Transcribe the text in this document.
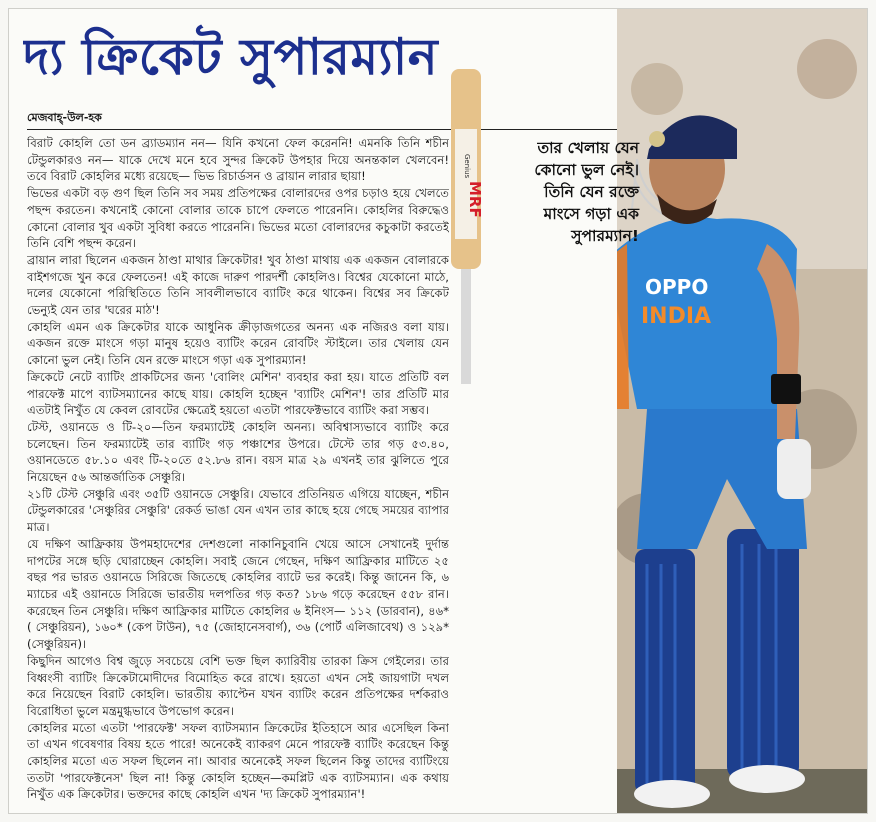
দ্য ক্রিকেট সুপারম্যান
মেজবাহ্-উল-হক

বিরাট কোহলি তো ডন ব্র্যাডম্যান নন— যিনি কখনো ফেল করেননি! এমনকি তিনি শচীন টেন্ডুলকারও নন— যাকে দেখে মনে হবে সুন্দর ক্রিকেট উপহার দিয়ে অনন্তকাল খেলবেন! তবে বিরাট কোহলির মধ্যে রয়েছে— ভিভ রিচার্ডসন ও ব্রায়ান লারার ছায়া!

ভিভের একটা বড় গুণ ছিল তিনি সব সময় প্রতিপক্ষের বোলারদের ওপর চড়াও হয়ে খেলতে পছন্দ করতেন। কখনোই কোনো বোলার তাকে চাপে ফেলতে পারেননি। কোহলির বিরুদ্ধেও কোনো বোলার খুব একটা সুবিধা করতে পারেননি। ভিভের মতো বোলারদের কচুকাটা করতেই তিনি বেশি পছন্দ করেন।

ব্রায়ান লারা ছিলেন একজন ঠাণ্ডা মাথার ক্রিকেটার! খুব ঠাণ্ডা মাথায় এক একজন বোলারকে বাইশগজে খুন করে ফেলতেন! এই কাজে দারুণ পারদর্শী কোহলিও। বিশ্বের যেকোনো মাঠে, দলের যেকোনো পরিস্থিতিতে তিনি সাবলীলভাবে ব্যাটিং করে থাকেন। বিশ্বের সব ক্রিকেট ভেন্যুই যেন তার 'ঘরের মাঠ'!

কোহলি এমন এক ক্রিকেটার যাকে আধুনিক ক্রীড়াজগতের অনন্য এক নজিরও বলা যায়। একজন রক্তে মাংসে গড়া মানুষ হয়েও ব্যাটিং করেন রোবটিং স্টাইলে। তার খেলায় যেন কোনো ভুল নেই। তিনি যেন রক্তে মাংসে গড়া এক সুপারম্যান!

ক্রিকেটে নেটে ব্যাটিং প্রাকটিসের জন্য 'বোলিং মেশিন' ব্যবহার করা হয়। যাতে প্রতিটি বল পারফেক্ট মাপে ব্যাটসম্যানের কাছে যায়। কোহলি হচ্ছেন 'ব্যাটিং মেশিন'! তার প্রতিটি মার এতটাই নিখুঁত যে কেবল রোবটের ক্ষেত্রেই হয়তো এতটা পারফেক্টভাবে ব্যাটিং করা সম্ভব।

টেস্ট, ওয়ানডে ও টি-২০—তিন ফরম্যাটেই কোহলি অনন্য। অবিশ্বাস্যভাবে ব্যাটিং করে চলেছেন। তিন ফরম্যাটেই তার ব্যাটিং গড় পঞ্চাশের উপরে। টেস্টে তার গড় ৫৩.৪০, ওয়ানডেতে ৫৮.১০ এবং টি-২০তে ৫২.৮৬ রান। বয়স মাত্র ২৯ এখনই তার ঝুলিতে পুরে নিয়েছেন ৫৬ আন্তর্জাতিক সেঞ্চুরি।

২১টি টেস্ট সেঞ্চুরি এবং ৩৫টি ওয়ানডে সেঞ্চুরি। যেভাবে প্রতিনিয়ত এগিয়ে যাচ্ছেন, শচীন টেন্ডুলকারের 'সেঞ্চুরির সেঞ্চুরি' রেকর্ড ভাঙা যেন এখন তার কাছে হয়ে গেছে সময়ের ব্যাপার মাত্র।

যে দক্ষিণ আফ্রিকায় উপমহাদেশের দেশগুলো নাকানিচুবানি খেয়ে আসে সেখানেই দুর্দান্ত দাপটের সঙ্গে ছড়ি ঘোরাচ্ছেন কোহলি। সবাই জেনে গেছেন, দক্ষিণ আফ্রিকার মাটিতে ২৫ বছর পর ভারত ওয়ানডে সিরিজে জিতেছে কোহলির ব্যাটে ভর করেই। কিন্তু জানেন কি, ৬ ম্যাচের এই ওয়ানডে সিরিজে ভারতীয় দলপতির গড় কত? ১৮৬ গড়ে করেছেন ৫৫৮ রান। করেছেন তিন সেঞ্চুরি। দক্ষিণ আফ্রিকার মাটিতে কোহলির ৬ ইনিংস— ১১২ (ডারবান), ৪৬* ( সেঞ্চুরিয়ন), ১৬০* (কেপ টাউন), ৭৫ (জোহানেসবার্গ), ৩৬ (পোর্ট এলিজাবেথ) ও ১২৯* (সেঞ্চুরিয়ন)।

কিছুদিন আগেও বিশ্ব জুড়ে সবচেয়ে বেশি ভক্ত ছিল ক্যারিবীয় তারকা ক্রিস গেইলের। তার বিধ্বংসী ব্যাটিং ক্রিকেটামোদীদের বিমোহিত করে রাখে। হয়তো এখন সেই জায়গাটা দখল করে নিয়েছেন বিরাট কোহলি। ভারতীয় ক্যাপ্টেন যখন ব্যাটিং করেন প্রতিপক্ষের দর্শকরাও বিরোধিতা ভুলে মন্ত্রমুগ্ধভাবে উপভোগ করেন।

কোহলির মতো এতটা 'পারফেক্ট' সফল ব্যাটসম্যান ক্রিকেটের ইতিহাসে আর এসেছিল কিনা তা এখন গবেষণার বিষয় হতে পারে! অনেকেই ব্যাকরণ মেনে পারফেক্ট ব্যাটিং করেছেন কিন্তু কোহলির মতো এত সফল ছিলেন না। আবার অনেকেই সফল ছিলেন কিন্তু তাদের ব্যাটিংয়ে ততটা 'পারফেক্টনেস' ছিল না! কিন্তু কোহলি হচ্ছেন—কমপ্লিট এক ব্যাটসম্যান। এক কথায় নিখুঁত এক ক্রিকেটার। ভক্তদের কাছে কোহলি এখন 'দ্য ক্রিকেট সুপারম্যান'!

OPPO
INDIA
MRF
Genius
তার খেলায় যেন
কোনো ভুল নেই।
তিনি যেন রক্তে
মাংসে গড়া এক
সুপারম্যান!
